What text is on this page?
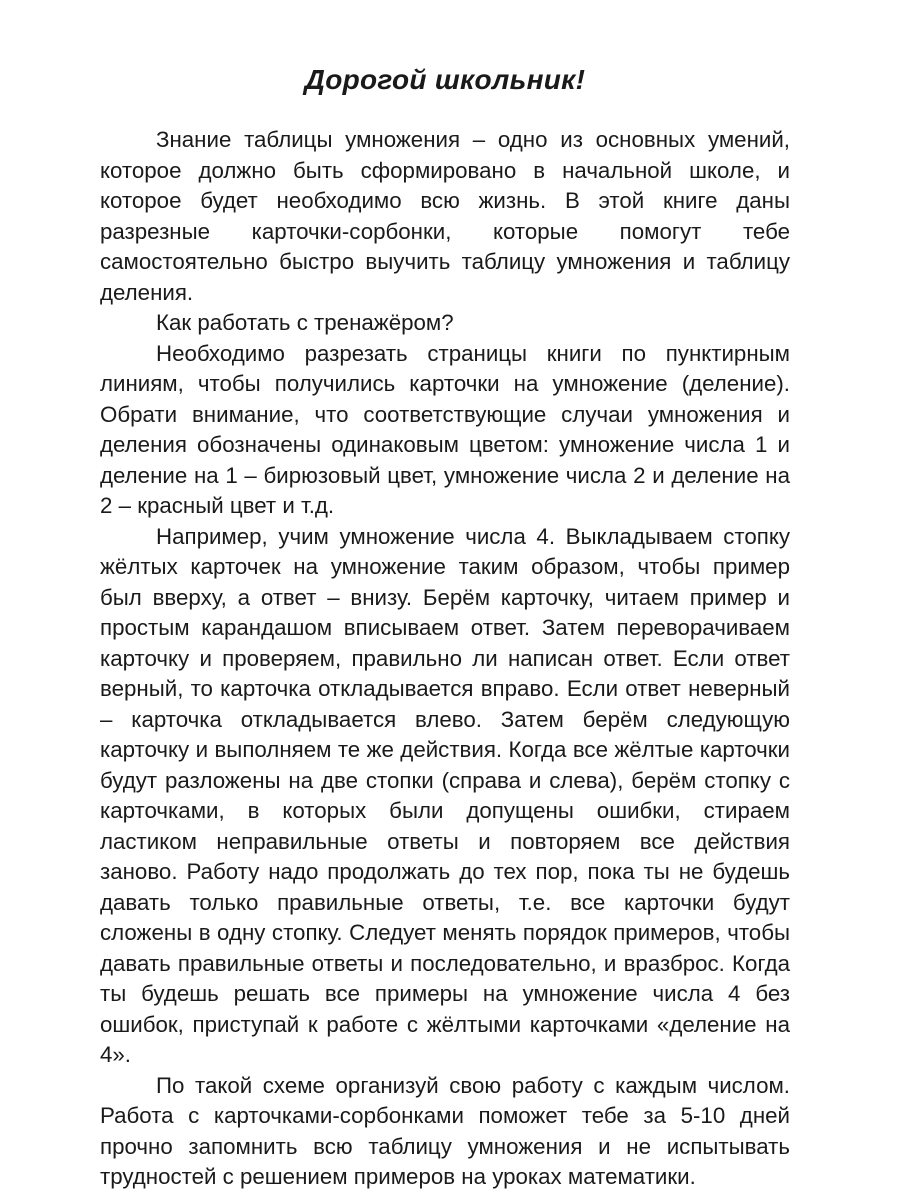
Дорогой школьник!

Знание таблицы умножения – одно из основных умений, которое должно быть сформировано в начальной школе, и которое будет необходимо всю жизнь. В этой книге даны разрезные карточки-сорбонки, которые помогут тебе самостоятельно быстро выучить таблицу умножения и таблицу деления.

Как работать с тренажёром?

Необходимо разрезать страницы книги по пунктирным линиям, чтобы получились карточки на умножение (деление). Обрати внимание, что соответствующие случаи умножения и деления обозначены одинаковым цветом: умножение числа 1 и деление на 1 – бирюзовый цвет, умножение числа 2 и деление на 2 – красный цвет и т.д.

Например, учим умножение числа 4. Выкладываем стопку жёлтых карточек на умножение таким образом, чтобы пример был вверху, а ответ – внизу. Берём карточку, читаем пример и простым карандашом вписываем ответ. Затем переворачиваем карточку и проверяем, правильно ли написан ответ. Если ответ верный, то карточка откладывается вправо. Если ответ неверный – карточка откладывается влево. Затем берём следующую карточку и выполняем те же действия. Когда все жёлтые карточки будут разложены на две стопки (справа и слева), берём стопку с карточками, в которых были допущены ошибки, стираем ластиком неправильные ответы и повторяем все действия заново. Работу надо продолжать до тех пор, пока ты не будешь давать только правильные ответы, т.е. все карточки будут сложены в одну стопку. Следует менять порядок примеров, чтобы давать правильные ответы и последовательно, и вразброс. Когда ты будешь решать все примеры на умножение числа 4 без ошибок, приступай к работе с жёлтыми карточками «деление на 4».

По такой схеме организуй свою работу с каждым числом. Работа с карточками-сорбонками поможет тебе за 5-10 дней прочно запомнить всю таблицу умножения и не испытывать трудностей с решением примеров на уроках математики.
